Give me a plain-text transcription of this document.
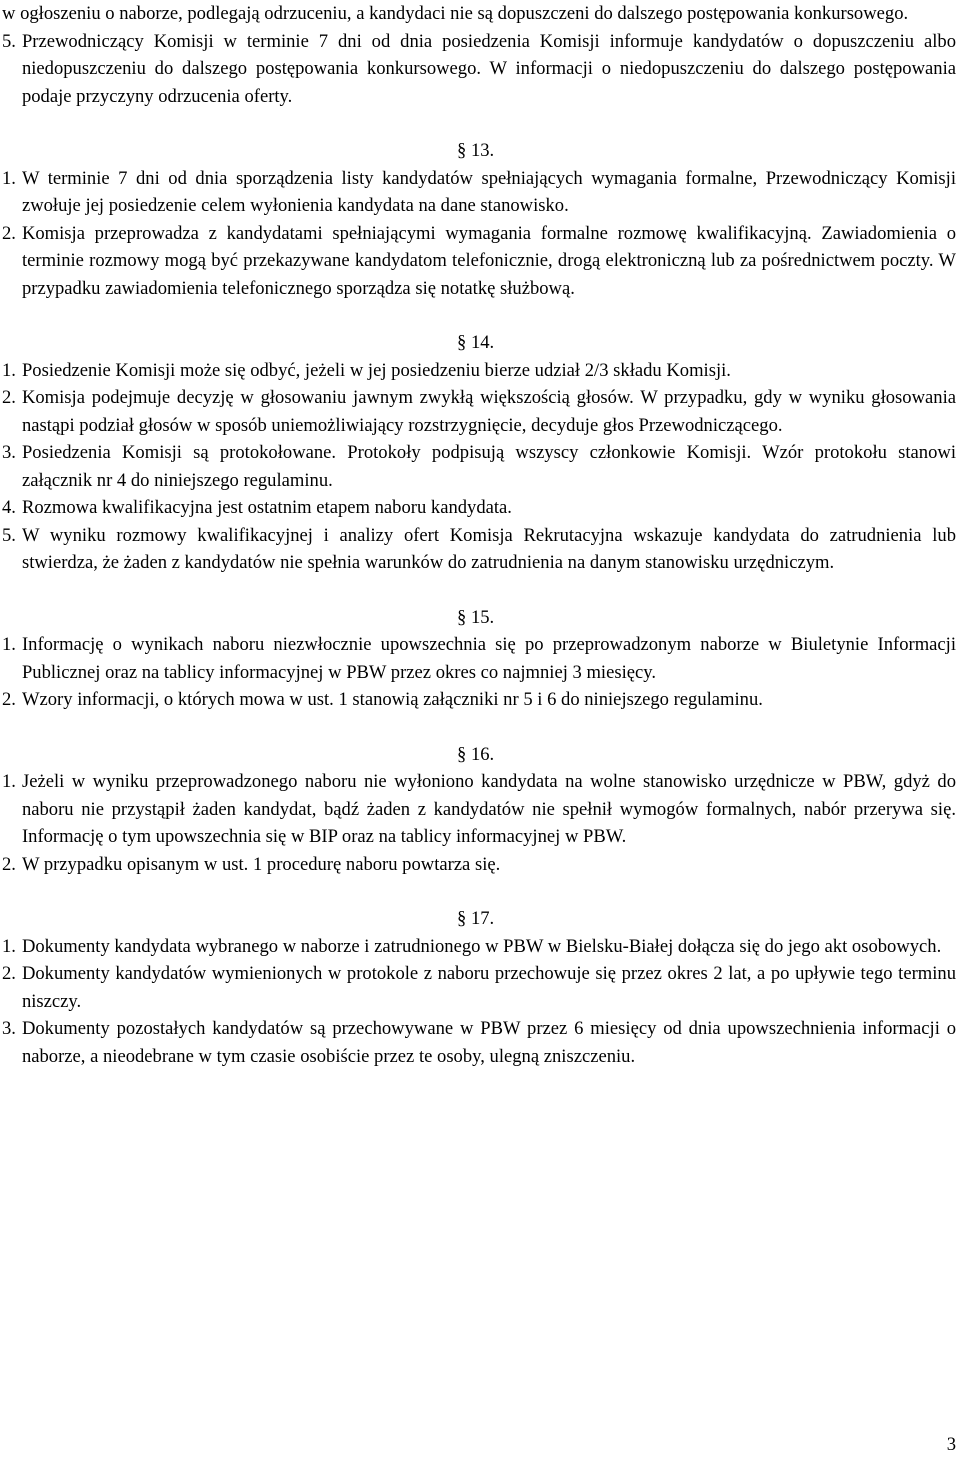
w ogłoszeniu o naborze, podlegają odrzuceniu, a kandydaci nie są dopuszczeni do dalszego postępowania konkursowego.

5. Przewodniczący Komisji w terminie 7 dni od dnia posiedzenia Komisji informuje kandydatów o dopuszczeniu albo niedopuszczeniu do dalszego postępowania konkursowego. W informacji o niedopuszczeniu do dalszego postępowania podaje przyczyny odrzucenia oferty.

§ 13.

1. W terminie 7 dni od dnia sporządzenia listy kandydatów spełniających wymagania formalne, Przewodniczący Komisji zwołuje jej posiedzenie celem wyłonienia kandydata na dane stanowisko.
2. Komisja przeprowadza z kandydatami spełniającymi wymagania formalne rozmowę kwalifikacyjną. Zawiadomienia o terminie rozmowy mogą być przekazywane kandydatom telefonicznie, drogą elektroniczną lub za pośrednictwem poczty. W przypadku zawiadomienia telefonicznego sporządza się notatkę służbową.

§ 14.

1. Posiedzenie Komisji może się odbyć, jeżeli w jej posiedzeniu bierze udział 2/3 składu Komisji.
2. Komisja podejmuje decyzję w głosowaniu jawnym zwykłą większością głosów. W przypadku, gdy w wyniku głosowania nastąpi podział głosów w sposób uniemożliwiający rozstrzygnięcie, decyduje głos Przewodniczącego.
3. Posiedzenia Komisji są protokołowane. Protokoły podpisują wszyscy członkowie Komisji. Wzór protokołu stanowi załącznik nr 4 do niniejszego regulaminu.
4. Rozmowa kwalifikacyjna jest ostatnim etapem naboru kandydata.
5. W wyniku rozmowy kwalifikacyjnej i analizy ofert Komisja Rekrutacyjna wskazuje kandydata do zatrudnienia lub stwierdza, że żaden z kandydatów nie spełnia warunków do zatrudnienia na danym stanowisku urzędniczym.

§ 15.

1. Informację o wynikach naboru niezwłocznie upowszechnia się po przeprowadzonym naborze w Biuletynie Informacji Publicznej oraz na tablicy informacyjnej w PBW przez okres co najmniej 3 miesięcy.
2. Wzory informacji, o których mowa w ust. 1 stanowią załączniki nr 5 i 6 do niniejszego regulaminu.

§ 16.

1. Jeżeli w wyniku przeprowadzonego naboru nie wyłoniono kandydata na wolne stanowisko urzędnicze w PBW, gdyż do naboru nie przystąpił żaden kandydat, bądź żaden z kandydatów nie spełnił wymogów formalnych, nabór przerywa się. Informację o tym upowszechnia się w BIP oraz na tablicy informacyjnej w PBW.
2. W przypadku opisanym w ust. 1 procedurę naboru powtarza się.

§ 17.

1. Dokumenty kandydata wybranego w naborze i zatrudnionego w PBW w Bielsku-Białej dołącza się do jego akt osobowych.
2. Dokumenty kandydatów wymienionych w protokole z naboru przechowuje się przez okres 2 lat, a po upływie tego terminu niszczy.
3. Dokumenty pozostałych kandydatów są przechowywane w PBW przez 6 miesięcy od dnia upowszechnienia informacji o naborze, a nieodebrane w tym czasie osobiście przez te osoby, ulegną zniszczeniu.
3
